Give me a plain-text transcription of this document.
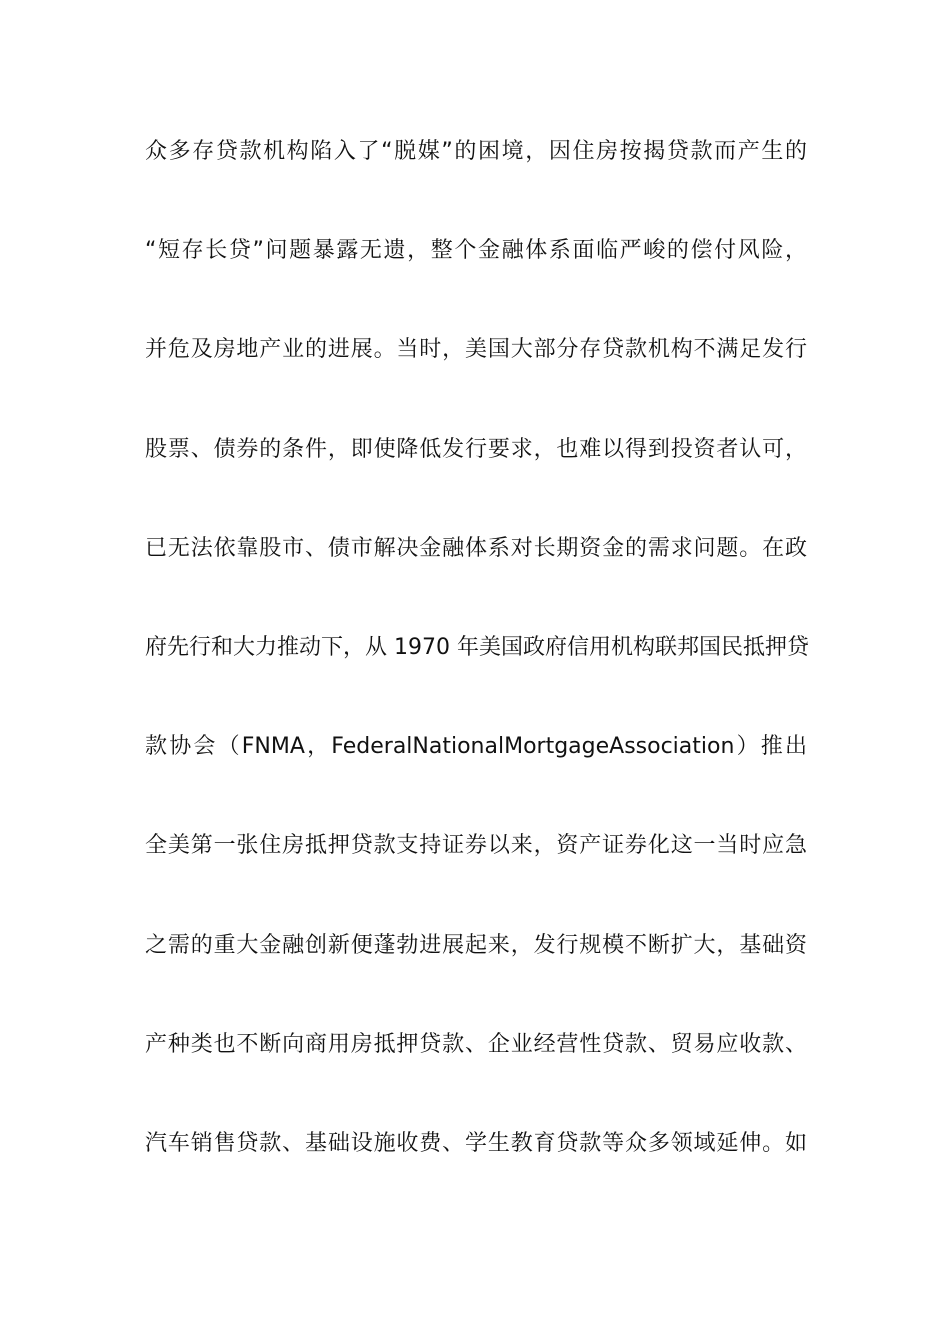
众多存贷款机构陷入了“脱媒”的困境，因住房按揭贷款而产生的
“短存长贷”问题暴露无遗，整个金融体系面临严峻的偿付风险，
并危及房地产业的进展。当时，美国大部分存贷款机构不满足发行
股票、债券的条件，即使降低发行要求，也难以得到投资者认可，
已无法依靠股市、债市解决金融体系对长期资金的需求问题。在政
府先行和大力推动下，从 1970 年美国政府信用机构联邦国民抵押贷
款协会（FNMA，FederalNationalMortgageAssociation）推出
全美第一张住房抵押贷款支持证券以来，资产证券化这一当时应急
之需的重大金融创新便蓬勃进展起来，发行规模不断扩大，基础资
产种类也不断向商用房抵押贷款、企业经营性贷款、贸易应收款、
汽车销售贷款、基础设施收费、学生教育贷款等众多领域延伸。如
